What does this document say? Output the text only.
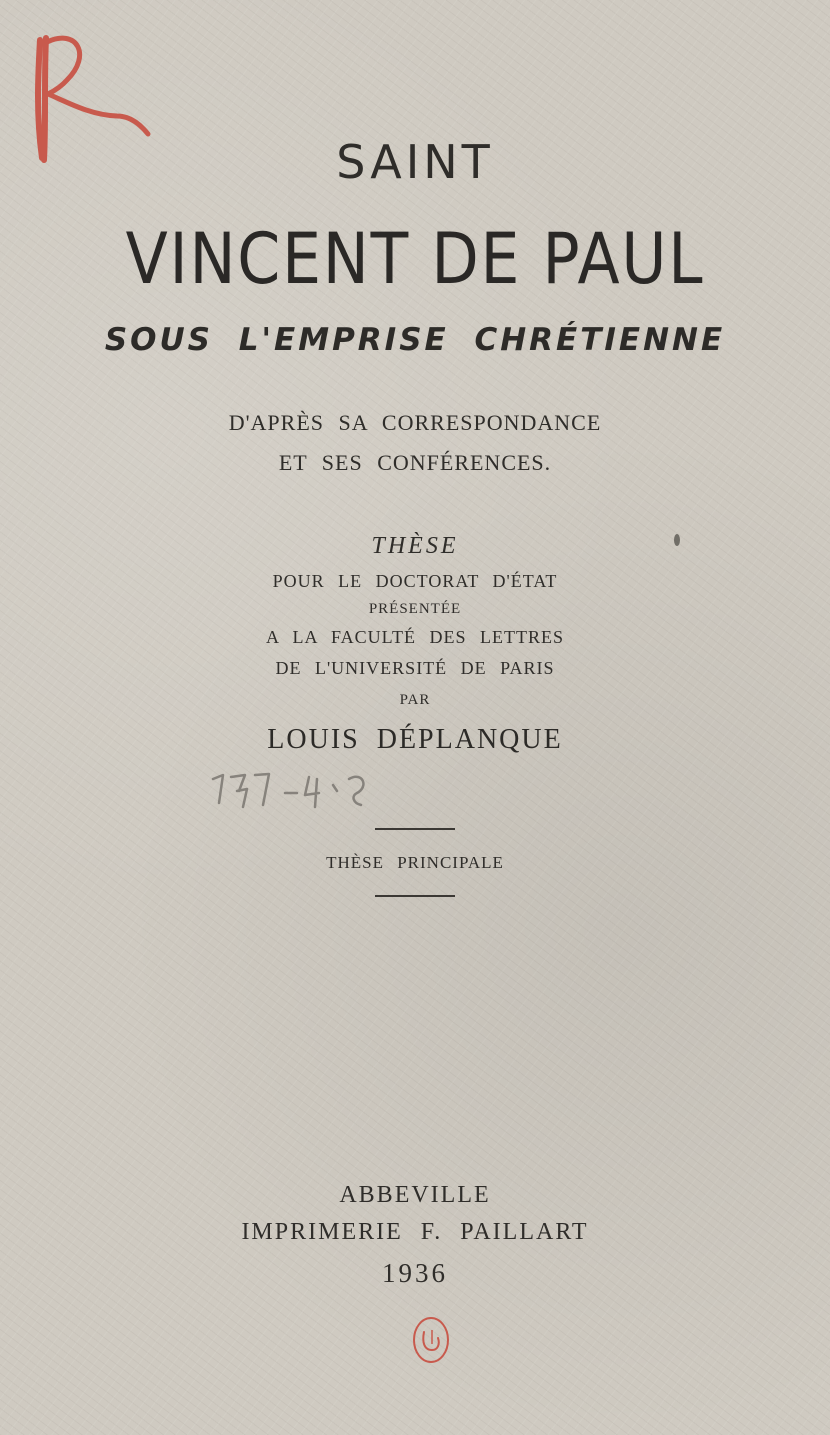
SAINT
VINCENT DE PAUL
SOUS L'EMPRISE CHRÉTIENNE
D'APRÈS SA CORRESPONDANCE
ET SES CONFÉRENCES.
THÈSE
POUR LE DOCTORAT D'ÉTAT
PRÉSENTÉE
A LA FACULTÉ DES LETTRES
DE L'UNIVERSITÉ DE PARIS
PAR
LOUIS DÉPLANQUE
THÈSE PRINCIPALE
ABBEVILLE
IMPRIMERIE F. PAILLART
1936
